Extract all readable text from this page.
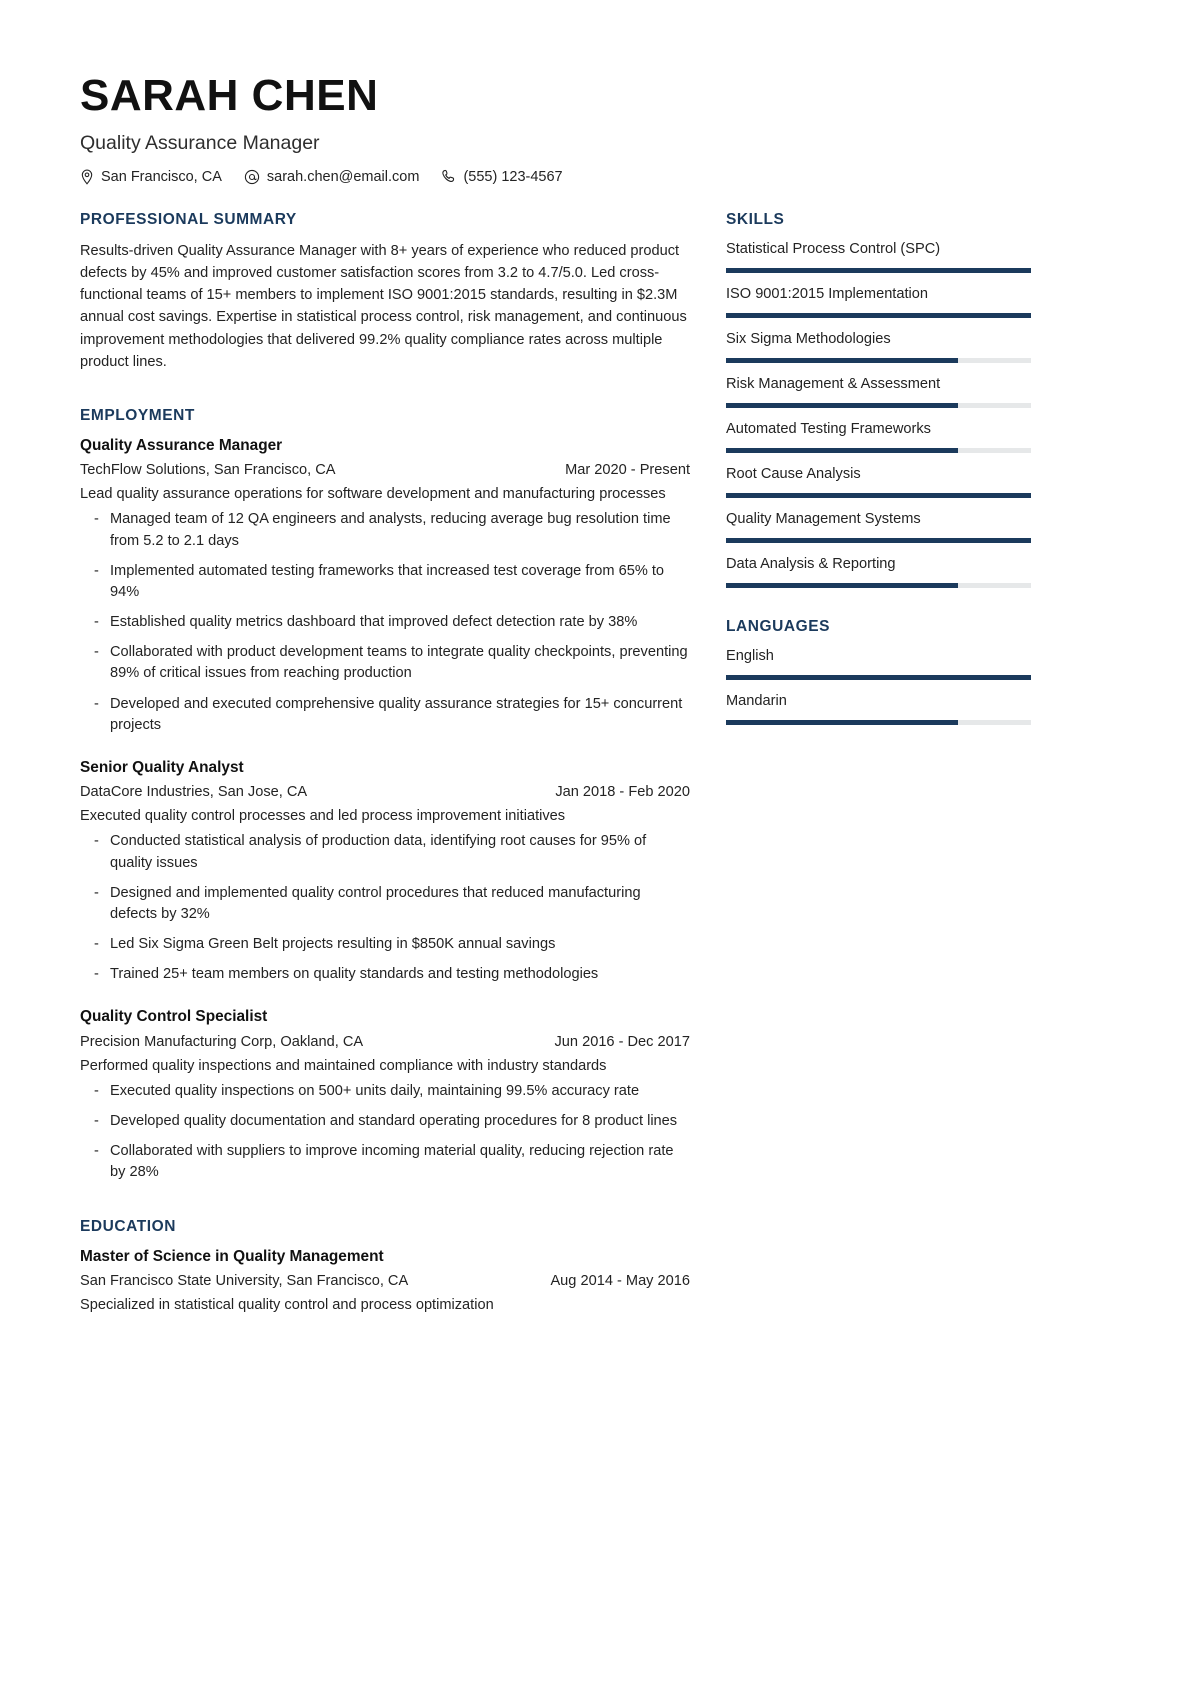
SARAH CHEN
Quality Assurance Manager
San Francisco, CA	sarah.chen@email.com	(555) 123-4567
PROFESSIONAL SUMMARY

Results-driven Quality Assurance Manager with 8+ years of experience who reduced product defects by 45% and improved customer satisfaction scores from 3.2 to 4.7/5.0. Led cross-functional teams of 15+ members to implement ISO 9001:2015 standards, resulting in $2.3M annual cost savings. Expertise in statistical process control, risk management, and continuous improvement methodologies that delivered 99.2% quality compliance rates across multiple product lines.

EMPLOYMENT
Quality Assurance Manager
TechFlow Solutions, San Francisco, CA	Mar 2020 - Present
Lead quality assurance operations for software development and manufacturing processes
- Managed team of 12 QA engineers and analysts, reducing average bug resolution time from 5.2 to 2.1 days
- Implemented automated testing frameworks that increased test coverage from 65% to 94%
- Established quality metrics dashboard that improved defect detection rate by 38%
- Collaborated with product development teams to integrate quality checkpoints, preventing 89% of critical issues from reaching production
- Developed and executed comprehensive quality assurance strategies for 15+ concurrent projects
Senior Quality Analyst
DataCore Industries, San Jose, CA	Jan 2018 - Feb 2020
Executed quality control processes and led process improvement initiatives
- Conducted statistical analysis of production data, identifying root causes for 95% of quality issues
- Designed and implemented quality control procedures that reduced manufacturing defects by 32%
- Led Six Sigma Green Belt projects resulting in $850K annual savings
- Trained 25+ team members on quality standards and testing methodologies
Quality Control Specialist
Precision Manufacturing Corp, Oakland, CA	Jun 2016 - Dec 2017
Performed quality inspections and maintained compliance with industry standards
- Executed quality inspections on 500+ units daily, maintaining 99.5% accuracy rate
- Developed quality documentation and standard operating procedures for 8 product lines
- Collaborated with suppliers to improve incoming material quality, reducing rejection rate by 28%
EDUCATION
Master of Science in Quality Management
San Francisco State University, San Francisco, CA	Aug 2014 - May 2016
Specialized in statistical quality control and process optimization
SKILLS
Statistical Process Control (SPC)
ISO 9001:2015 Implementation
Six Sigma Methodologies
Risk Management & Assessment
Automated Testing Frameworks
Root Cause Analysis
Quality Management Systems
Data Analysis & Reporting
LANGUAGES
English
Mandarin
